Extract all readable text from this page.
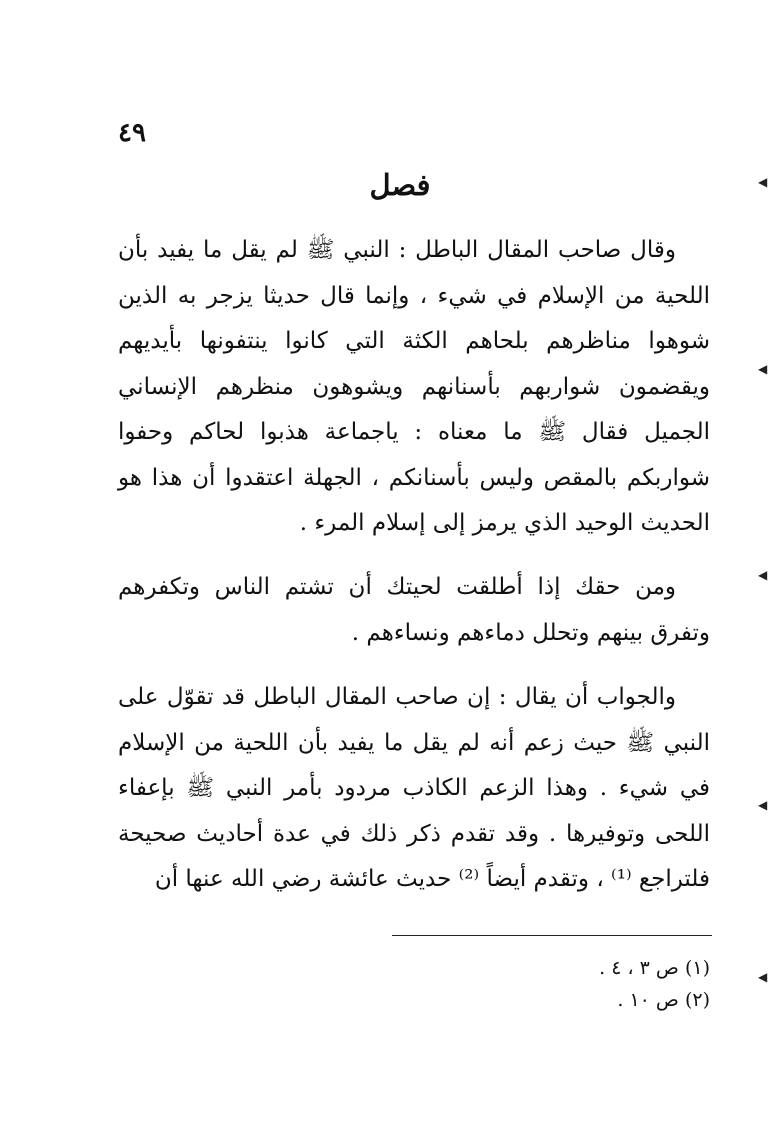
٤٩
فصل

وقال صاحب المقال الباطل : النبي ﷺ لم يقل ما يفيد بأن اللحية من الإسلام في شيء ، وإنما قال حديثا يزجر به الذين شوهوا مناظرهم بلحاهم الكثة التي كانوا ينتفونها بأيديهم ويقضمون شواربهم بأسنانهم ويشوهون منظرهم الإنساني الجميل فقال ﷺ ما معناه : ياجماعة هذبوا لحاكم وحفوا شواربكم بالمقص وليس بأسنانكم ، الجهلة اعتقدوا أن هذا هو الحديث الوحيد الذي يرمز إلى إسلام المرء .

ومن حقك إذا أطلقت لحيتك أن تشتم الناس وتكفرهم وتفرق بينهم وتحلل دماءهم ونساءهم .

والجواب أن يقال : إن صاحب المقال الباطل قد تقوّل على النبي ﷺ حيث زعم أنه لم يقل ما يفيد بأن اللحية من الإسلام في شيء . وهذا الزعم الكاذب مردود بأمر النبي ﷺ بإعفاء اللحى وتوفيرها . وقد تقدم ذكر ذلك في عدة أحاديث صحيحة فلتراجع ⁽¹⁾ ، وتقدم أيضاً ⁽²⁾ حديث عائشة رضي الله عنها أن

(١) ص ٣ ، ٤ .

(٢) ص ١٠ .

◀
◀
◀
◀
◀
